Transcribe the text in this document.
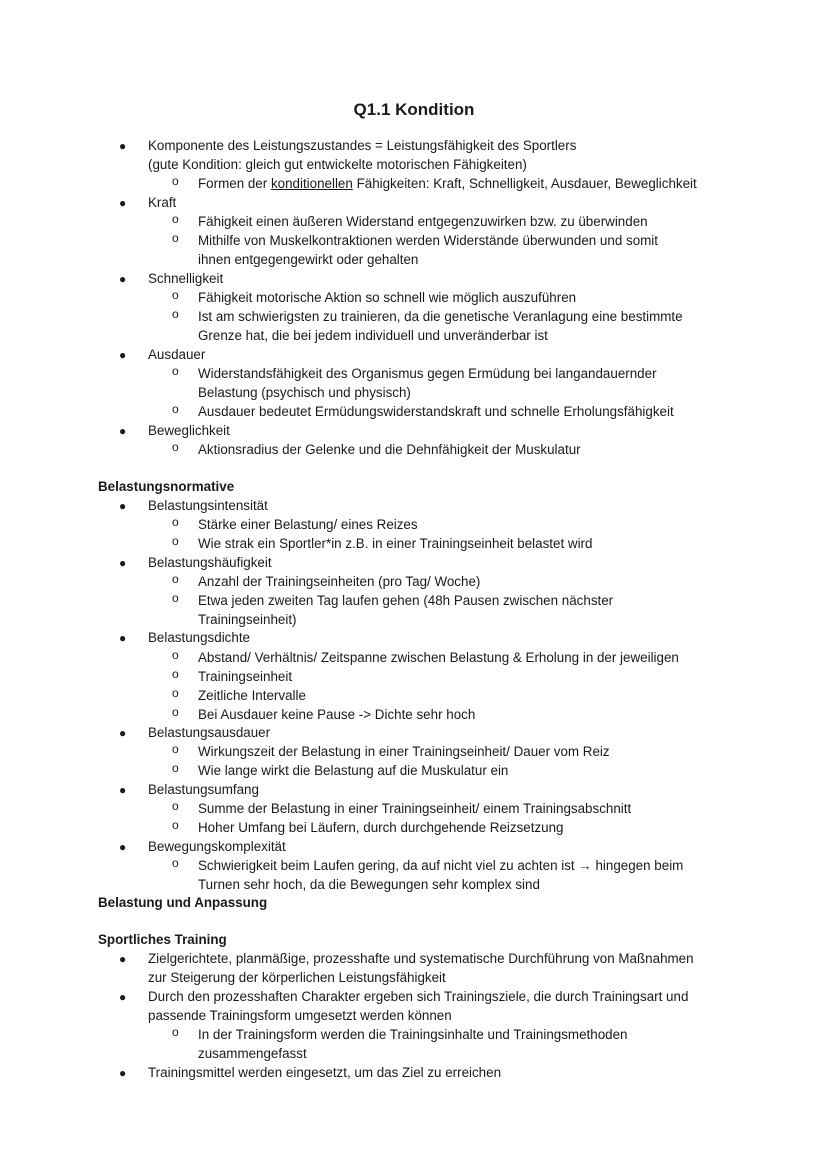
Q1.1 Kondition
● Komponente des Leistungszustandes = Leistungsfähigkeit des Sportlers
(gute Kondition: gleich gut entwickelte motorischen Fähigkeiten)
o Formen der konditionellen Fähigkeiten: Kraft, Schnelligkeit, Ausdauer, Beweglichkeit
● Kraft
o Fähigkeit einen äußeren Widerstand entgegenzuwirken bzw. zu überwinden
o Mithilfe von Muskelkontraktionen werden Widerstände überwunden und somit
ihnen entgegengewirkt oder gehalten
● Schnelligkeit
o Fähigkeit motorische Aktion so schnell wie möglich auszuführen
o Ist am schwierigsten zu trainieren, da die genetische Veranlagung eine bestimmte
Grenze hat, die bei jedem individuell und unveränderbar ist
● Ausdauer
o Widerstandsfähigkeit des Organismus gegen Ermüdung bei langandauernder
Belastung (psychisch und physisch)
o Ausdauer bedeutet Ermüdungswiderstandskraft und schnelle Erholungsfähigkeit
● Beweglichkeit
o Aktionsradius der Gelenke und die Dehnfähigkeit der Muskulatur
Belastungsnormative
● Belastungsintensität
o Stärke einer Belastung/ eines Reizes
o Wie strak ein Sportler*in z.B. in einer Trainingseinheit belastet wird
● Belastungshäufigkeit
o Anzahl der Trainingseinheiten (pro Tag/ Woche)
o Etwa jeden zweiten Tag laufen gehen (48h Pausen zwischen nächster
Trainingseinheit)
● Belastungsdichte
o Abstand/ Verhältnis/ Zeitspanne zwischen Belastung & Erholung in der jeweiligen
o Trainingseinheit
o Zeitliche Intervalle
o Bei Ausdauer keine Pause -> Dichte sehr hoch
● Belastungsausdauer
o Wirkungszeit der Belastung in einer Trainingseinheit/ Dauer vom Reiz
o Wie lange wirkt die Belastung auf die Muskulatur ein
● Belastungsumfang
o Summe der Belastung in einer Trainingseinheit/ einem Trainingsabschnitt
o Hoher Umfang bei Läufern, durch durchgehende Reizsetzung
● Bewegungskomplexität
o Schwierigkeit beim Laufen gering, da auf nicht viel zu achten ist → hingegen beim
Turnen sehr hoch, da die Bewegungen sehr komplex sind
Belastung und Anpassung
Sportliches Training
● Zielgerichtete, planmäßige, prozesshafte und systematische Durchführung von Maßnahmen
zur Steigerung der körperlichen Leistungsfähigkeit
● Durch den prozesshaften Charakter ergeben sich Trainingsziele, die durch Trainingsart und
passende Trainingsform umgesetzt werden können
o In der Trainingsform werden die Trainingsinhalte und Trainingsmethoden
zusammengefasst
● Trainingsmittel werden eingesetzt, um das Ziel zu erreichen
